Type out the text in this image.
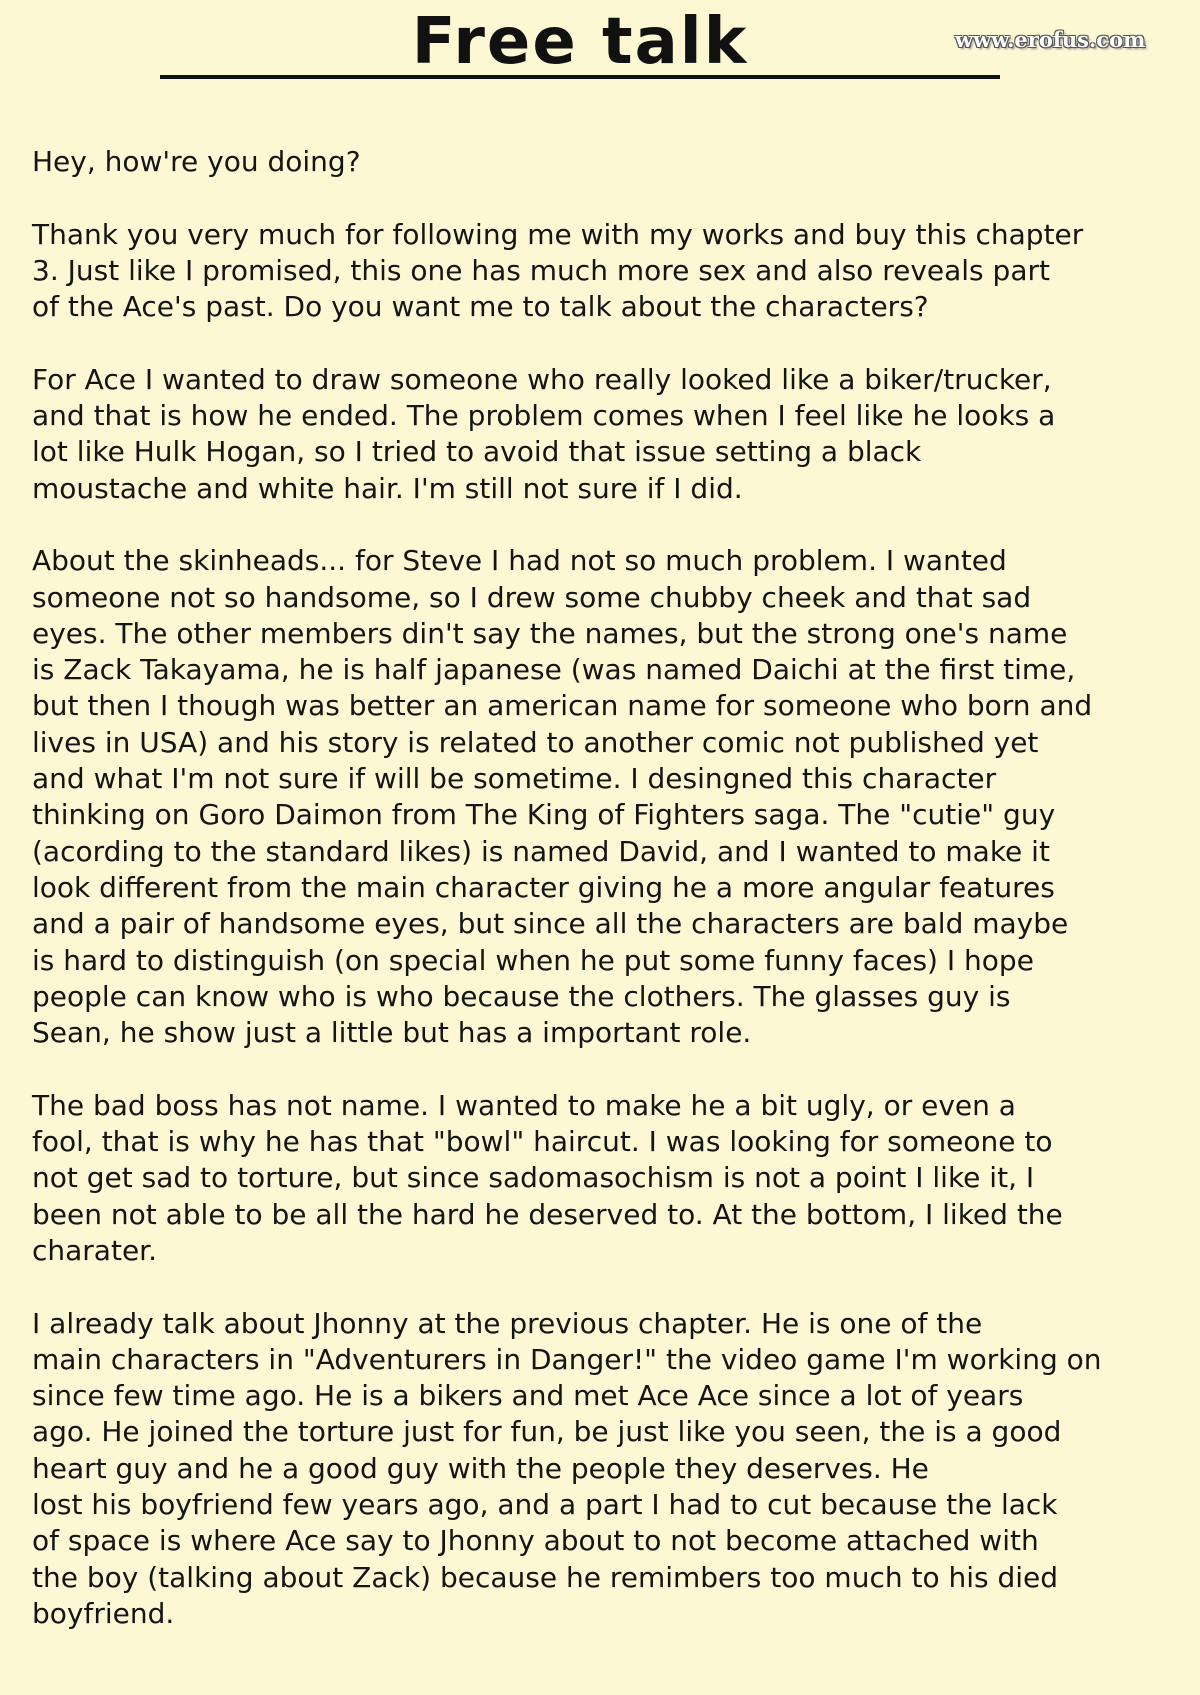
Free talk	www.erofus.com
Hey, how're you doing?
Thank you very much for following me with my works and buy this chapter
3. Just like I promised, this one has much more sex and also reveals part
of the Ace's past. Do you want me to talk about the characters?
For Ace I wanted to draw someone who really looked like a biker/trucker,
and that is how he ended. The problem comes when I feel like he looks a
lot like Hulk Hogan, so I tried to avoid that issue setting a black
moustache and white hair. I'm still not sure if I did.
About the skinheads... for Steve I had not so much problem. I wanted
someone not so handsome, so I drew some chubby cheek and that sad
eyes. The other members din't say the names, but the strong one's name
is Zack Takayama, he is half japanese (was named Daichi at the first time,
but then I though was better an american name for someone who born and
lives in USA) and his story is related to another comic not published yet
and what I'm not sure if will be sometime. I desingned this character
thinking on Goro Daimon from The King of Fighters saga. The "cutie" guy
(acording to the standard likes) is named David, and I wanted to make it
look different from the main character giving he a more angular features
and a pair of handsome eyes, but since all the characters are bald maybe
is hard to distinguish (on special when he put some funny faces) I hope
people can know who is who because the clothers. The glasses guy is
Sean, he show just a little but has a important role.
The bad boss has not name. I wanted to make he a bit ugly, or even a
fool, that is why he has that "bowl" haircut. I was looking for someone to
not get sad to torture, but since sadomasochism is not a point I like it, I
been not able to be all the hard he deserved to. At the bottom, I liked the
charater.
I already talk about Jhonny at the previous chapter. He is one of the
main characters in "Adventurers in Danger!" the video game I'm working on
since few time ago. He is a bikers and met Ace Ace since a lot of years
ago. He joined the torture just for fun, be just like you seen, the is a good
heart guy and he a good guy with the people they deserves. He
lost his boyfriend few years ago, and a part I had to cut because the lack
of space is where Ace say to Jhonny about to not become attached with
the boy (talking about Zack) because he remimbers too much to his died
boyfriend.
